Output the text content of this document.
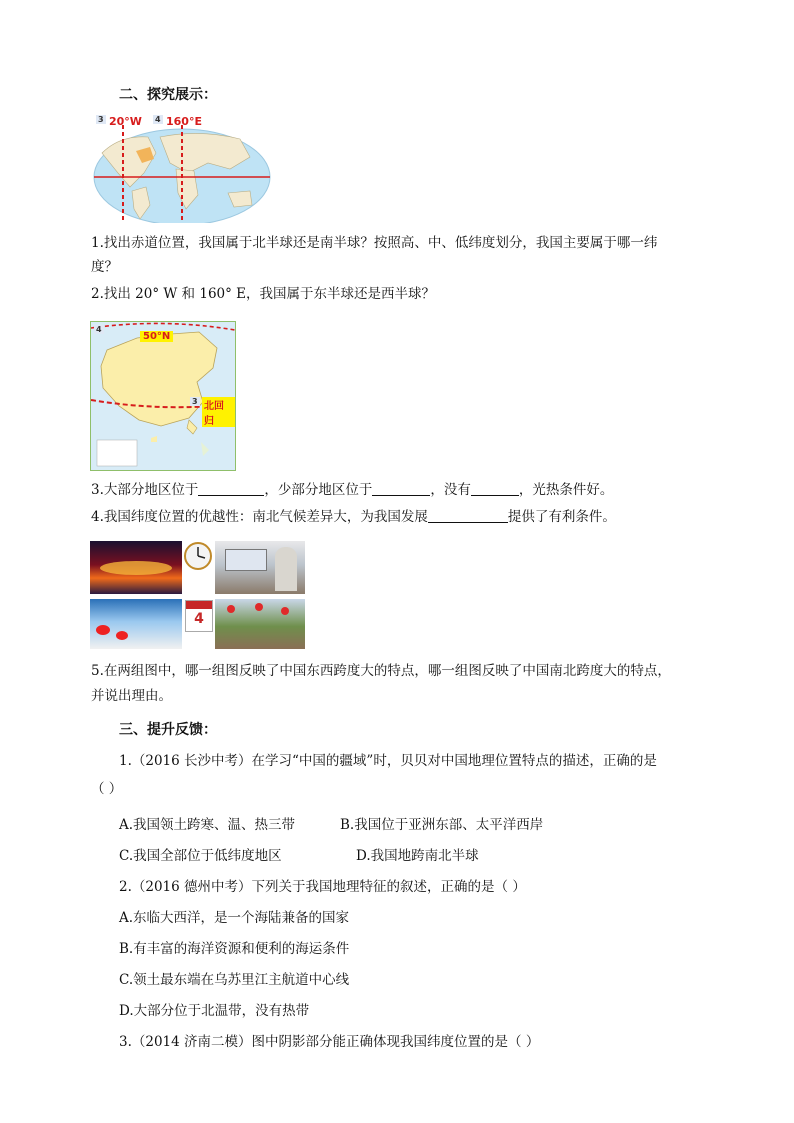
二、探究展示：
3 20°W 4 160°E
1.找出赤道位置，我国属于北半球还是南半球？按照高、中、低纬度划分，我国主要属于哪一纬
度？
2.找出 20° W 和 160° E，我国属于东半球还是西半球？
4
50°N
3 北回归
3.大部分地区位于	，少部分地区位于	，没有	，光热条件好。
4.我国纬度位置的优越性：南北气候差异大，为我国发展	提供了有利条件。
4
5.在两组图中，哪一组图反映了中国东西跨度大的特点，哪一组图反映了中国南北跨度大的特点，
并说出理由。
三、提升反馈：
1.（2016 长沙中考）在学习“中国的疆域”时，贝贝对中国地理位置特点的描述，正确的是
（ ）
A.我国领土跨寒、温、热三带	B.我国位于亚洲东部、太平洋西岸
C.我国全部位于低纬度地区	D.我国地跨南北半球
2.（2016 德州中考）下列关于我国地理特征的叙述，正确的是（ ）
A.东临大西洋，是一个海陆兼备的国家
B.有丰富的海洋资源和便利的海运条件
C.领土最东端在乌苏里江主航道中心线
D.大部分位于北温带，没有热带
3.（2014 济南二模）图中阴影部分能正确体现我国纬度位置的是（ ）
